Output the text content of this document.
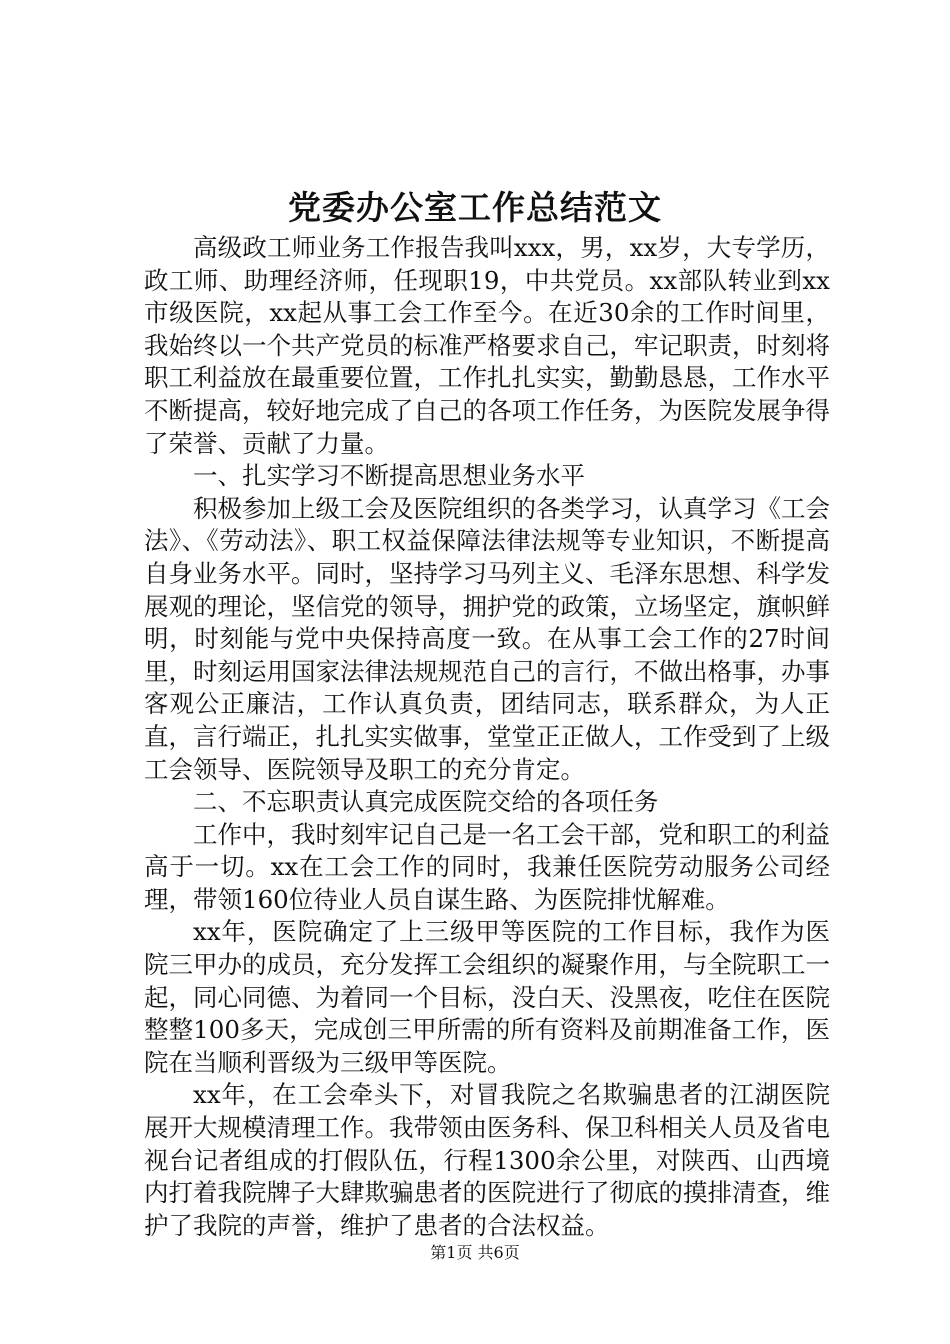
党委办公室工作总结范文

高级政工师业务工作报告我叫xxx，男，xx岁，大专学历，政工师、助理经济师，任现职19，中共党员。xx部队转业到xx市级医院，xx起从事工会工作至今。在近30余的工作时间里，我始终以一个共产党员的标准严格要求自己，牢记职责，时刻将职工利益放在最重要位置，工作扎扎实实，勤勤恳恳，工作水平不断提高，较好地完成了自己的各项工作任务，为医院发展争得了荣誉、贡献了力量。

一、扎实学习不断提高思想业务水平

积极参加上级工会及医院组织的各类学习，认真学习《工会法》、《劳动法》、职工权益保障法律法规等专业知识，不断提高自身业务水平。同时，坚持学习马列主义、毛泽东思想、科学发展观的理论，坚信党的领导，拥护党的政策，立场坚定，旗帜鲜明，时刻能与党中央保持高度一致。在从事工会工作的27时间里，时刻运用国家法律法规规范自己的言行，不做出格事，办事客观公正廉洁，工作认真负责，团结同志，联系群众，为人正直，言行端正，扎扎实实做事，堂堂正正做人，工作受到了上级工会领导、医院领导及职工的充分肯定。

二、不忘职责认真完成医院交给的各项任务

工作中，我时刻牢记自己是一名工会干部，党和职工的利益高于一切。xx在工会工作的同时，我兼任医院劳动服务公司经理，带领160位待业人员自谋生路、为医院排忧解难。

xx年，医院确定了上三级甲等医院的工作目标，我作为医院三甲办的成员，充分发挥工会组织的凝聚作用，与全院职工一起，同心同德、为着同一个目标，没白天、没黑夜，吃住在医院整整100多天，完成创三甲所需的所有资料及前期准备工作，医院在当顺利晋级为三级甲等医院。

xx年，在工会牵头下，对冒我院之名欺骗患者的江湖医院展开大规模清理工作。我带领由医务科、保卫科相关人员及省电视台记者组成的打假队伍，行程1300余公里，对陕西、山西境内打着我院牌子大肆欺骗患者的医院进行了彻底的摸排清查，维护了我院的声誉，维护了患者的合法权益。

第1页 共6页
